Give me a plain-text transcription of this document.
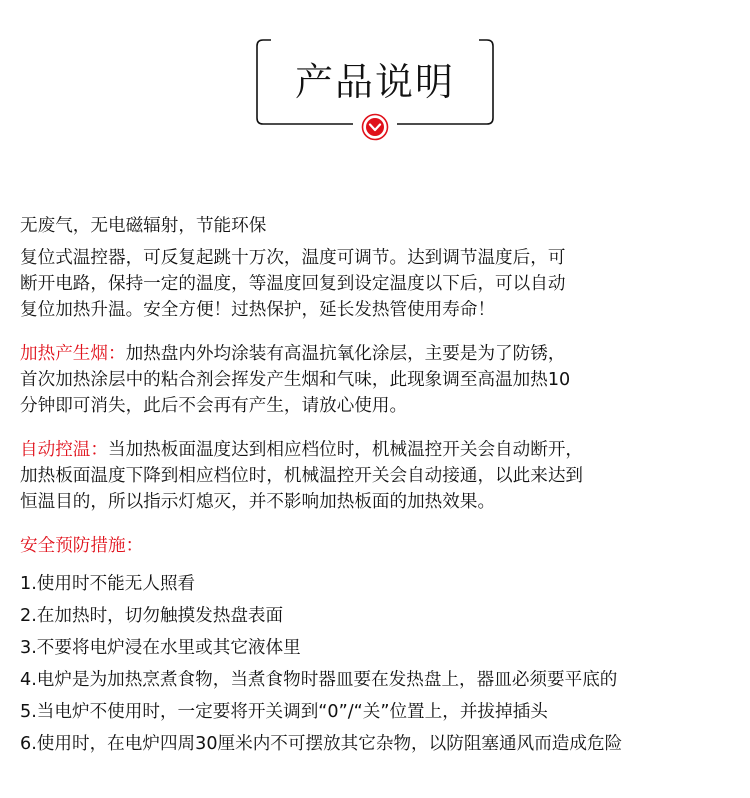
产品说明
无废气，无电磁辐射，节能环保
复位式温控器，可反复起跳十万次，温度可调节。达到调节温度后，可
断开电路，保持一定的温度，等温度回复到设定温度以下后，可以自动
复位加热升温。安全方便！过热保护，延长发热管使用寿命！
加热产生烟：加热盘内外均涂装有高温抗氧化涂层，主要是为了防锈，
首次加热涂层中的粘合剂会挥发产生烟和气味，此现象调至高温加热10
分钟即可消失，此后不会再有产生，请放心使用。
自动控温：当加热板面温度达到相应档位时，机械温控开关会自动断开，
加热板面温度下降到相应档位时，机械温控开关会自动接通，以此来达到
恒温目的，所以指示灯熄灭，并不影响加热板面的加热效果。
安全预防措施：
1.使用时不能无人照看
2.在加热时，切勿触摸发热盘表面
3.不要将电炉浸在水里或其它液体里
4.电炉是为加热烹煮食物，当煮食物时器皿要在发热盘上，器皿必须要平底的
5.当电炉不使用时，一定要将开关调到“0”/“关”位置上，并拔掉插头
6.使用时，在电炉四周30厘米内不可摆放其它杂物，以防阻塞通风而造成危险
